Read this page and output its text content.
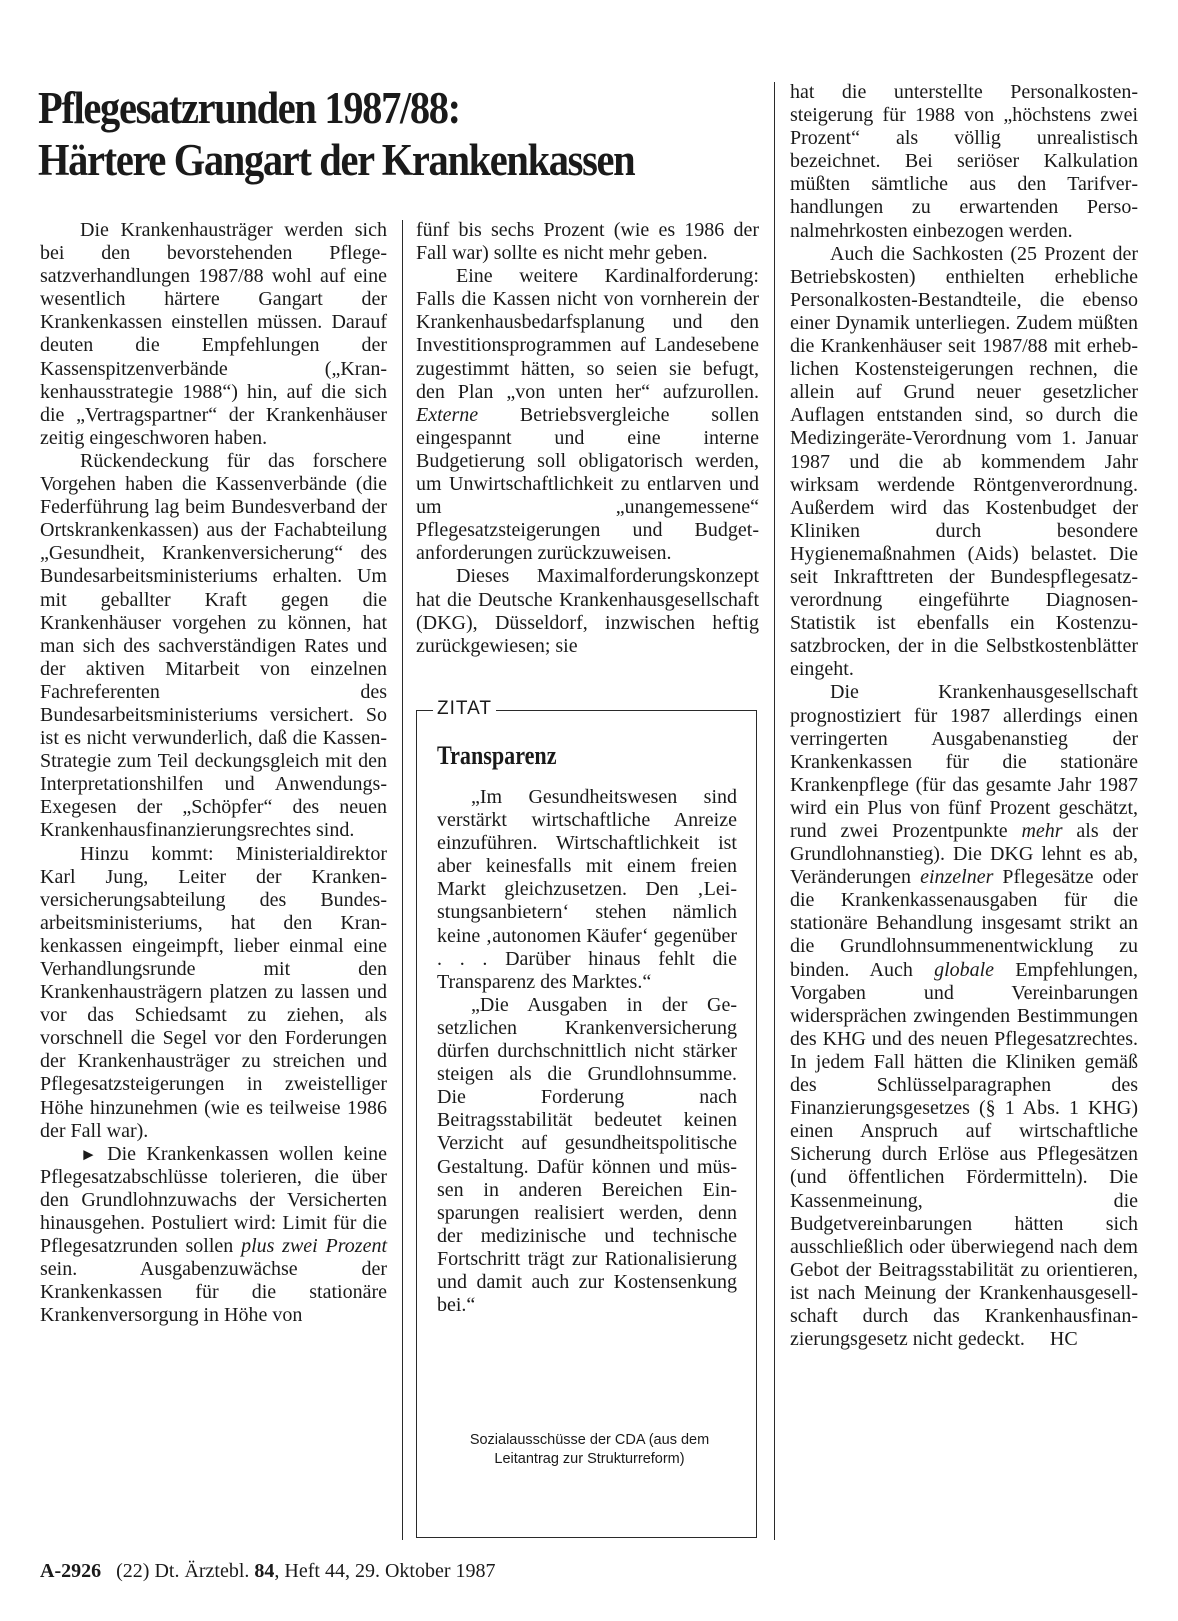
Pflegesatzrunden 1987/88:
Härtere Gangart der Krankenkassen

Die Krankenhausträger werden sich bei den bevorstehenden Pflegesatzverhandlungen 1987/88 wohl auf eine wesentlich härtere Gangart der Krankenkassen einstellen müssen. Darauf deuten die Empfehlungen der Kassenspitzenverbände („Krankenhausstrategie 1988“) hin, auf die sich die „Vertragspartner“ der Krankenhäuser zeitig eingeschworen haben.

Rückendeckung für das forschere Vorgehen haben die Kassenverbände (die Federführung lag beim Bundesverband der Ortskrankenkassen) aus der Fachabteilung „Gesundheit, Krankenversicherung“ des Bundesarbeitsministeriums erhalten. Um mit geballter Kraft gegen die Krankenhäuser vorgehen zu können, hat man sich des sachverständigen Rates und der aktiven Mitarbeit von einzelnen Fachreferenten des Bundesarbeitsministeriums versichert. So ist es nicht verwunderlich, daß die Kassen-Strategie zum Teil deckungsgleich mit den Interpretationshilfen und Anwendungs-Exegesen der „Schöpfer“ des neuen Krankenhausfinanzierungsrechtes sind.

Hinzu kommt: Ministerialdirektor Karl Jung, Leiter der Krankenversicherungsabteilung des Bundesarbeitsministeriums, hat den Krankenkassen eingeimpft, lieber einmal eine Verhandlungsrunde mit den Krankenhausträgern platzen zu lassen und vor das Schiedsamt zu ziehen, als vorschnell die Segel vor den Forderungen der Krankenhausträger zu streichen und Pflegesatzsteigerungen in zweistelliger Höhe hinzunehmen (wie es teilweise 1986 der Fall war).

► Die Krankenkassen wollen keine Pflegesatzabschlüsse tolerieren, die über den Grundlohnzuwachs der Versicherten hinausgehen. Postuliert wird: Limit für die Pflegesatzrunden sollen plus zwei Prozent sein. Ausgabenzuwächse der Krankenkassen für die stationäre Krankenversorgung in Höhe von

fünf bis sechs Prozent (wie es 1986 der Fall war) sollte es nicht mehr geben.

Eine weitere Kardinalforderung: Falls die Kassen nicht von vornherein der Krankenhausbedarfsplanung und den Investitionsprogrammen auf Landesebene zugestimmt hätten, so seien sie befugt, den Plan „von unten her“ aufzurollen. Externe Betriebsvergleiche sollen eingespannt und eine interne Budgetierung soll obligatorisch werden, um Unwirtschaftlichkeit zu entlarven und um „unangemessene“ Pflegesatzsteigerungen und Budgetanforderungen zurückzuweisen.

Dieses Maximalforderungskonzept hat die Deutsche Krankenhausgesellschaft (DKG), Düsseldorf, inzwischen heftig zurückgewiesen; sie

ZITAT
Transparenz

„Im Gesundheitswesen sind verstärkt wirtschaftliche Anreize einzuführen. Wirtschaftlichkeit ist aber keinesfalls mit einem freien Markt gleichzusetzen. Den ‚Leistungsanbietern‘ stehen nämlich keine ‚autonomen Käufer‘ gegenüber . . . Darüber hinaus fehlt die Transparenz des Marktes.“

„Die Ausgaben in der Gesetzlichen Krankenversicherung dürfen durchschnittlich nicht stärker steigen als die Grundlohnsumme. Die Forderung nach Beitragsstabilität bedeutet keinen Verzicht auf gesundheitspolitische Gestaltung. Dafür können und müssen in anderen Bereichen Einsparungen realisiert werden, denn der medizinische und technische Fortschritt trägt zur Rationalisierung und damit auch zur Kostensenkung bei.“

Sozialausschüsse der CDA (aus dem Leitantrag zur Strukturreform)

hat die unterstellte Personalkostensteigerung für 1988 von „höchstens zwei Prozent“ als völlig unrealistisch bezeichnet. Bei seriöser Kalkulation müßten sämtliche aus den Tarifverhandlungen zu erwartenden Personalmehrkosten einbezogen werden.

Auch die Sachkosten (25 Prozent der Betriebskosten) enthielten erhebliche Personalkosten-Bestandteile, die ebenso einer Dynamik unterliegen. Zudem müßten die Krankenhäuser seit 1987/88 mit erheblichen Kostensteigerungen rechnen, die allein auf Grund neuer gesetzlicher Auflagen entstanden sind, so durch die Medizingeräte-Verordnung vom 1. Januar 1987 und die ab kommendem Jahr wirksam werdende Röntgenverordnung. Außerdem wird das Kostenbudget der Kliniken durch besondere Hygienemaßnahmen (Aids) belastet. Die seit Inkrafttreten der Bundespflegesatzverordnung eingeführte Diagnosen-Statistik ist ebenfalls ein Kostenzusatzbrocken, der in die Selbstkostenblätter eingeht.

Die Krankenhausgesellschaft prognostiziert für 1987 allerdings einen verringerten Ausgabenanstieg der Krankenkassen für die stationäre Krankenpflege (für das gesamte Jahr 1987 wird ein Plus von fünf Prozent geschätzt, rund zwei Prozentpunkte mehr als der Grundlohnanstieg). Die DKG lehnt es ab, Veränderungen einzelner Pflegesätze oder die Krankenkassenausgaben für die stationäre Behandlung insgesamt strikt an die Grundlohnsummenentwicklung zu binden. Auch globale Empfehlungen, Vorgaben und Vereinbarungen widersprächen zwingenden Bestimmungen des KHG und des neuen Pflegesatzrechtes. In jedem Fall hätten die Kliniken gemäß des Schlüsselparagraphen des Finanzierungsgesetzes (§ 1 Abs. 1 KHG) einen Anspruch auf wirtschaftliche Sicherung durch Erlöse aus Pflegesätzen (und öffentlichen Fördermitteln). Die Kassenmeinung, die Budgetvereinbarungen hätten sich ausschließlich oder überwiegend nach dem Gebot der Beitragsstabilität zu orientieren, ist nach Meinung der Krankenhausgesellschaft durch das Krankenhausfinanzierungsgesetz nicht gedeckt.  HC

A-2926 (22) Dt. Ärztebl. 84, Heft 44, 29. Oktober 1987
